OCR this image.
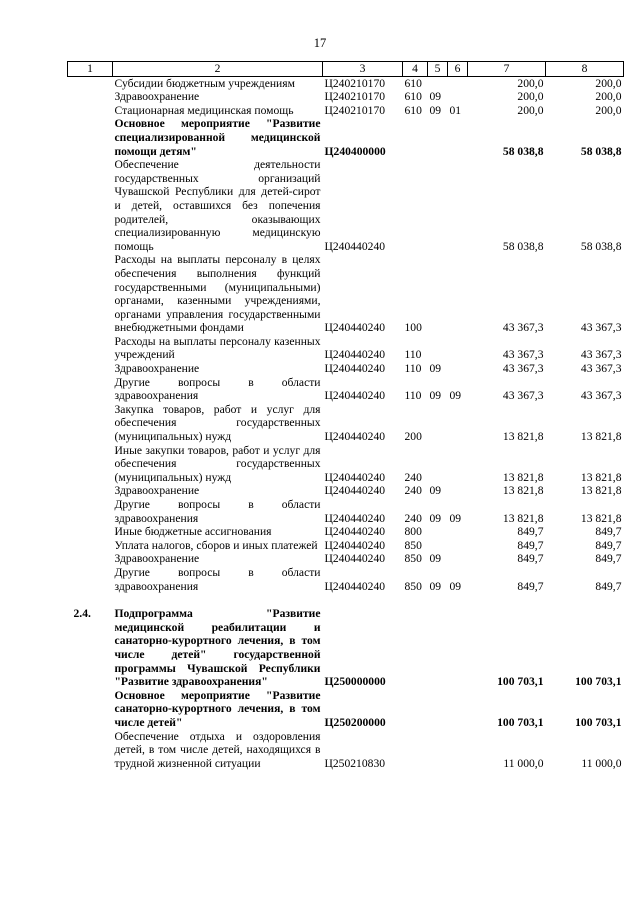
17
1	2	3	4	5	6	7	8
	Субсидии бюджетным учреждениям	Ц240210170	610			200,0	200,0
	Здравоохранение	Ц240210170	610	09		200,0	200,0
	Стационарная медицинская помощь	Ц240210170	610	09	01	200,0	200,0
	Основное мероприятие "Развитие специализированной медицинской помощи детям"	Ц240400000				58 038,8	58 038,8
	Обеспечение деятельности государственных организаций Чувашской Республики для детей-сирот и детей, оставшихся без попечения родителей, оказывающих специализированную медицинскую помощь	Ц240440240				58 038,8	58 038,8
	Расходы на выплаты персоналу в целях обеспечения выполнения функций государственными (муниципальными) органами, казенными учреждениями, органами управления государственными внебюджетными фондами	Ц240440240	100			43 367,3	43 367,3
	Расходы на выплаты персоналу казенных учреждений	Ц240440240	110			43 367,3	43 367,3
	Здравоохранение	Ц240440240	110	09		43 367,3	43 367,3
	Другие вопросы в области здравоохранения	Ц240440240	110	09	09	43 367,3	43 367,3
	Закупка товаров, работ и услуг для обеспечения государственных (муниципальных) нужд	Ц240440240	200			13 821,8	13 821,8
	Иные закупки товаров, работ и услуг для обеспечения государственных (муниципальных) нужд	Ц240440240	240			13 821,8	13 821,8
	Здравоохранение	Ц240440240	240	09		13 821,8	13 821,8
	Другие вопросы в области здравоохранения	Ц240440240	240	09	09	13 821,8	13 821,8
	Иные бюджетные ассигнования	Ц240440240	800			849,7	849,7
	Уплата налогов, сборов и иных платежей	Ц240440240	850			849,7	849,7
	Здравоохранение	Ц240440240	850	09		849,7	849,7
	Другие вопросы в области здравоохранения	Ц240440240	850	09	09	849,7	849,7

2.4.	Подпрограмма "Развитие медицинской реабилитации и санаторно-курортного лечения, в том числе детей" государственной программы Чувашской Республики "Развитие здравоохранения"	Ц250000000				100 703,1	100 703,1
	Основное мероприятие "Развитие санаторно-курортного лечения, в том числе детей"	Ц250200000				100 703,1	100 703,1
	Обеспечение отдыха и оздоровления детей, в том числе детей, находящихся в трудной жизненной ситуации	Ц250210830				11 000,0	11 000,0
